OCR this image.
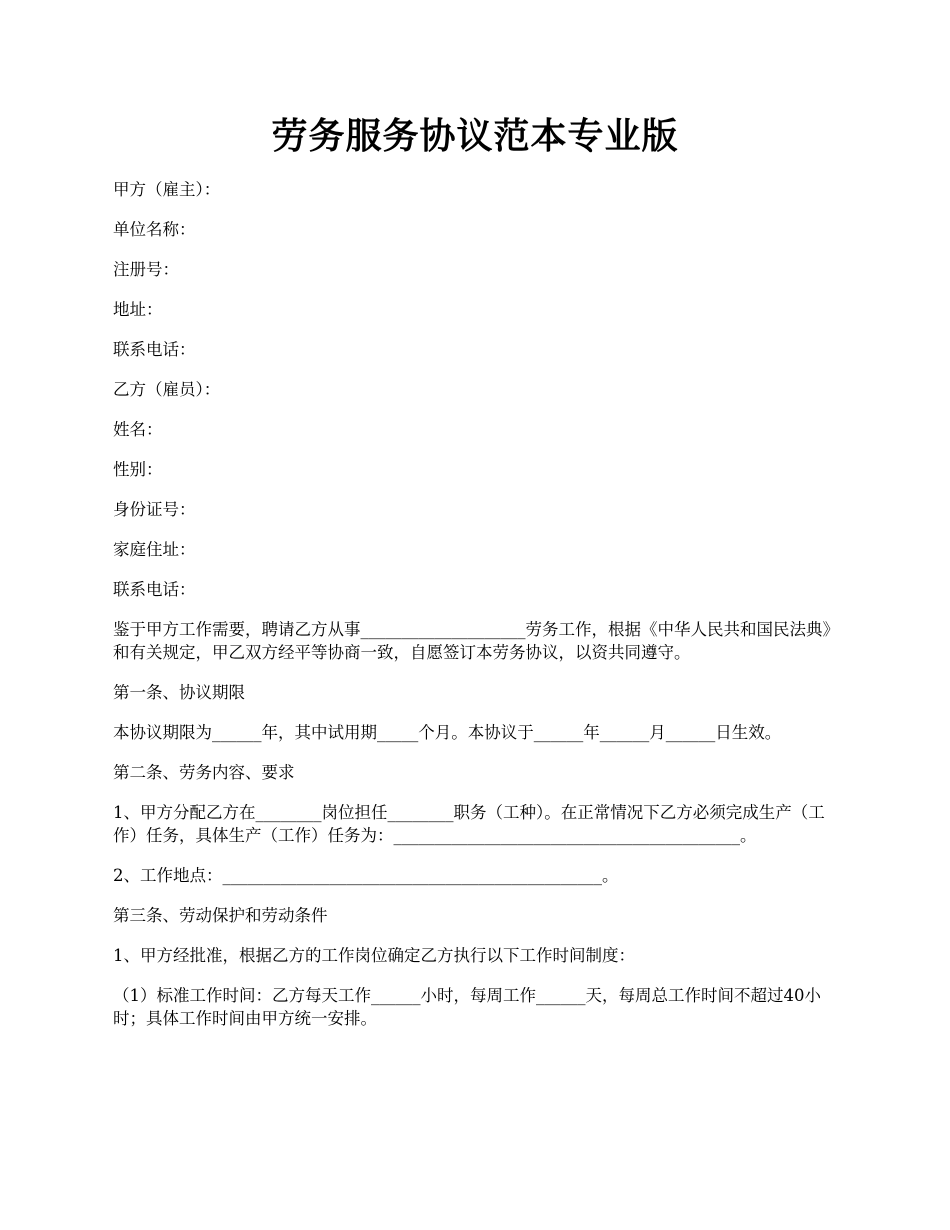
劳务服务协议范本专业版

甲方（雇主）：

单位名称：

注册号：

地址：

联系电话：

乙方（雇员）：

姓名：

性别：

身份证号：

家庭住址：

联系电话：

鉴于甲方工作需要，聘请乙方从事____________________劳务工作，根据《中华人民共和国民法典》和有关规定，甲乙双方经平等协商一致，自愿签订本劳务协议，以资共同遵守。

第一条、协议期限

本协议期限为______年，其中试用期_____个月。本协议于______年______月______日生效。

第二条、劳务内容、要求

1、甲方分配乙方在________岗位担任________职务（工种）。在正常情况下乙方必须完成生产（工作）任务，具体生产（工作）任务为：__________________________________________。

2、工作地点：______________________________________________。

第三条、劳动保护和劳动条件

1、甲方经批准，根据乙方的工作岗位确定乙方执行以下工作时间制度：

（1）标准工作时间：乙方每天工作______小时，每周工作______天，每周总工作时间不超过40小时；具体工作时间由甲方统一安排。
